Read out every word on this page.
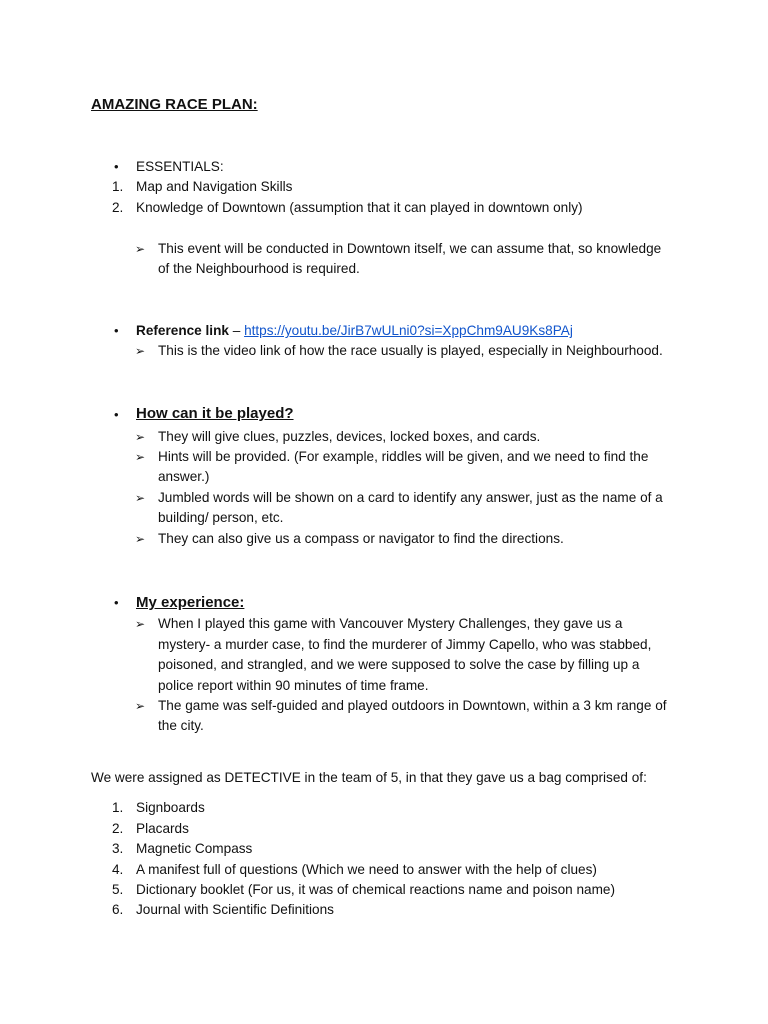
AMAZING RACE PLAN:
• ESSENTIALS:
1. Map and Navigation Skills
2. Knowledge of Downtown (assumption that it can played in downtown only)
➢ This event will be conducted in Downtown itself, we can assume that, so knowledge
of the Neighbourhood is required.
• Reference link – https://youtu.be/JirB7wULni0?si=XppChm9AU9Ks8PAj
➢ This is the video link of how the race usually is played, especially in Neighbourhood.
• How can it be played?
➢ They will give clues, puzzles, devices, locked boxes, and cards.
➢ Hints will be provided. (For example, riddles will be given, and we need to find the
answer.)
➢ Jumbled words will be shown on a card to identify any answer, just as the name of a
building/ person, etc.
➢ They can also give us a compass or navigator to find the directions.
• My experience:
➢ When I played this game with Vancouver Mystery Challenges, they gave us a
mystery- a murder case, to find the murderer of Jimmy Capello, who was stabbed,
poisoned, and strangled, and we were supposed to solve the case by filling up a
police report within 90 minutes of time frame.
➢ The game was self-guided and played outdoors in Downtown, within a 3 km range of
the city.
We were assigned as DETECTIVE in the team of 5, in that they gave us a bag comprised of:
1. Signboards
2. Placards
3. Magnetic Compass
4. A manifest full of questions (Which we need to answer with the help of clues)
5. Dictionary booklet (For us, it was of chemical reactions name and poison name)
6. Journal with Scientific Definitions
